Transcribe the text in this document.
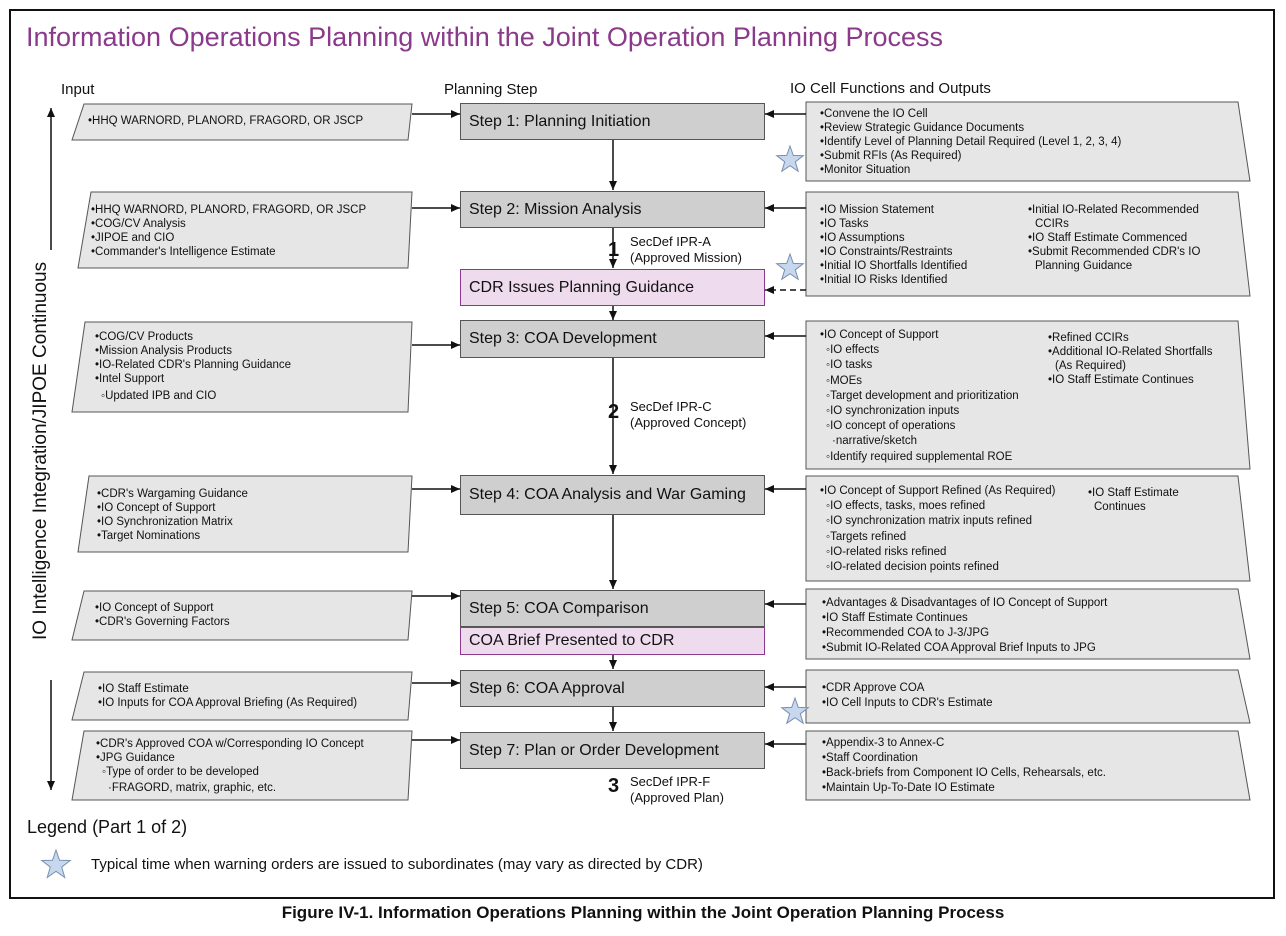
Information Operations Planning within the Joint Operation Planning Process
Input	Planning Step	IO Cell Functions and Outputs
IO Intelligence Integration/JIPOE Continuous
Step 1: Planning Initiation
Step 2: Mission Analysis
CDR Issues Planning Guidance
Step 3: COA Development
Step 4: COA Analysis and War Gaming
Step 5: COA Comparison
COA Brief Presented to CDR
Step 6: COA Approval
Step 7: Plan or Order Development
1 SecDef IPR-A
(Approved Mission)
2 SecDef IPR-C
(Approved Concept)
3 SecDef IPR-F
(Approved Plan)
• HHQ WARNORD, PLANORD, FRAGORD, OR JSCP
• HHQ WARNORD, PLANORD, FRAGORD, OR JSCP
• COG/CV Analysis
• JIPOE and CIO
• Commander's Intelligence Estimate
• COG/CV Products
• Mission Analysis Products
• IO-Related CDR's Planning Guidance
• Intel Support
◦ Updated IPB and CIO
• CDR's Wargaming Guidance
• IO Concept of Support
• IO Synchronization Matrix
• Target Nominations
• IO Concept of Support
• CDR's Governing Factors
• IO Staff Estimate
• IO Inputs for COA Approval Briefing (As Required)
• CDR's Approved COA w/Corresponding IO Concept
• JPG Guidance
◦ Type of order to be developed
· FRAGORD, matrix, graphic, etc.
• Convene the IO Cell
• Review Strategic Guidance Documents
• Identify Level of Planning Detail Required (Level 1, 2, 3, 4)
• Submit RFIs (As Required)
• Monitor Situation
• IO Mission Statement
• IO Tasks
• IO Assumptions
• IO Constraints/Restraints
• Initial IO Shortfalls Identified
• Initial IO Risks Identified
• Initial IO-Related Recommended
CCIRs
• IO Staff Estimate Commenced
• Submit Recommended CDR's IO
Planning Guidance
• IO Concept of Support
◦ IO effects
◦ IO tasks
◦ MOEs
◦ Target development and prioritization
◦ IO synchronization inputs
◦ IO concept of operations
· narrative/sketch
◦ Identify required supplemental ROE
• Refined CCIRs
• Additional IO-Related Shortfalls
(As Required)
• IO Staff Estimate Continues
• IO Concept of Support Refined (As Required)
◦ IO effects, tasks, moes refined
◦ IO synchronization matrix inputs refined
◦ Targets refined
◦ IO-related risks refined
◦ IO-related decision points refined
• IO Staff Estimate
Continues
• Advantages & Disadvantages of IO Concept of Support
• IO Staff Estimate Continues
• Recommended COA to J-3/JPG
• Submit IO-Related COA Approval Brief Inputs to JPG
• CDR Approve COA
• IO Cell Inputs to CDR's Estimate
• Appendix-3 to Annex-C
• Staff Coordination
• Back-briefs from Component IO Cells, Rehearsals, etc.
• Maintain Up-To-Date IO Estimate
Legend (Part 1 of 2)
Typical time when warning orders are issued to subordinates (may vary as directed by CDR)
Figure IV-1. Information Operations Planning within the Joint Operation Planning Process
